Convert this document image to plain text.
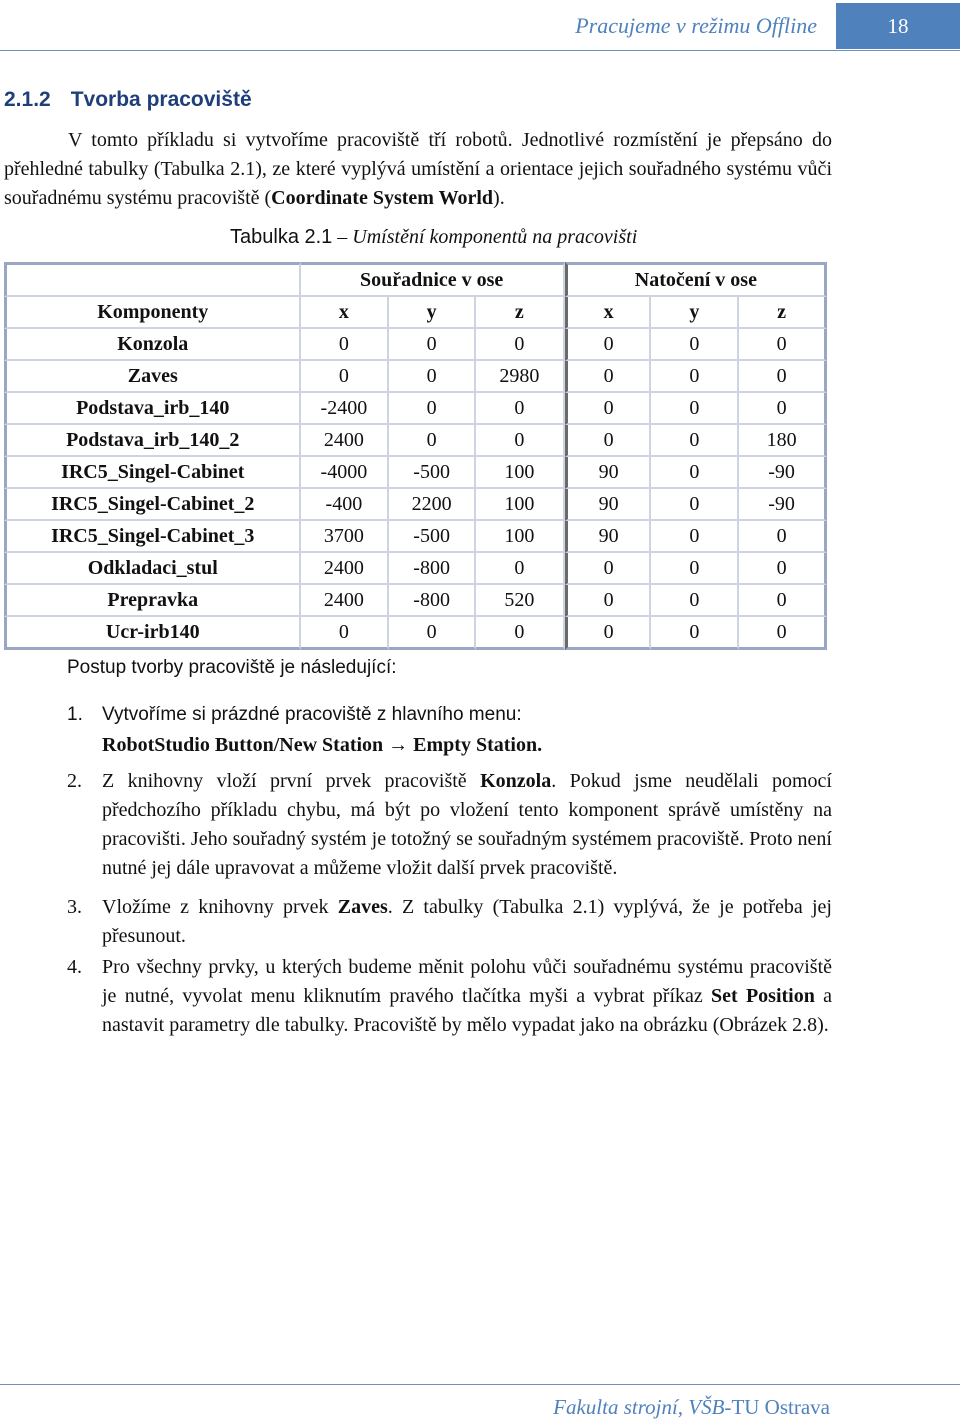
Pracujeme v režimu Offline	18
2.1.2 Tvorba pracoviště
V tomto příkladu si vytvoříme pracoviště tří robotů. Jednotlivé rozmístění je přepsáno do přehledné tabulky (Tabulka 2.1), ze které vyplývá umístění a orientace jejich souřadného systému vůči souřadnému systému pracoviště (Coordinate System World).
Tabulka 2.1 – Umístění komponentů na pracovišti
	Souřadnice v ose			Natočení v ose		
Komponenty	x	y	z	x	y	z
Konzola	0	0	0	0	0	0
Zaves	0	0	2980	0	0	0
Podstava_irb_140	-2400	0	0	0	0	0
Podstava_irb_140_2	2400	0	0	0	0	180
IRC5_Singel-Cabinet	-4000	-500	100	90	0	-90
IRC5_Singel-Cabinet_2	-400	2200	100	90	0	-90
IRC5_Singel-Cabinet_3	3700	-500	100	90	0	0
Odkladaci_stul	2400	-800	0	0	0	0
Prepravka	2400	-800	520	0	0	0
Ucr-irb140	0	0	0	0	0	0
Postup tvorby pracoviště je následující:
1. Vytvoříme si prázdné pracoviště z hlavního menu:
RobotStudio Button/New Station → Empty Station.
2. Z knihovny vloží první prvek pracoviště Konzola. Pokud jsme neudělali pomocí předchozího příkladu chybu, má být po vložení tento komponent správě umístěny na pracovišti. Jeho souřadný systém je totožný se souřadným systémem pracoviště. Proto není nutné jej dále upravovat a můžeme vložit další prvek pracoviště.
3. Vložíme z knihovny prvek Zaves. Z tabulky (Tabulka 2.1) vyplývá, že je potřeba jej přesunout.
4. Pro všechny prvky, u kterých budeme měnit polohu vůči souřadnému systému pracoviště je nutné, vyvolat menu kliknutím pravého tlačítka myši a vybrat příkaz Set Position a nastavit parametry dle tabulky. Pracoviště by mělo vypadat jako na obrázku (Obrázek 2.8).
Fakulta strojní, VŠB-TU Ostrava
